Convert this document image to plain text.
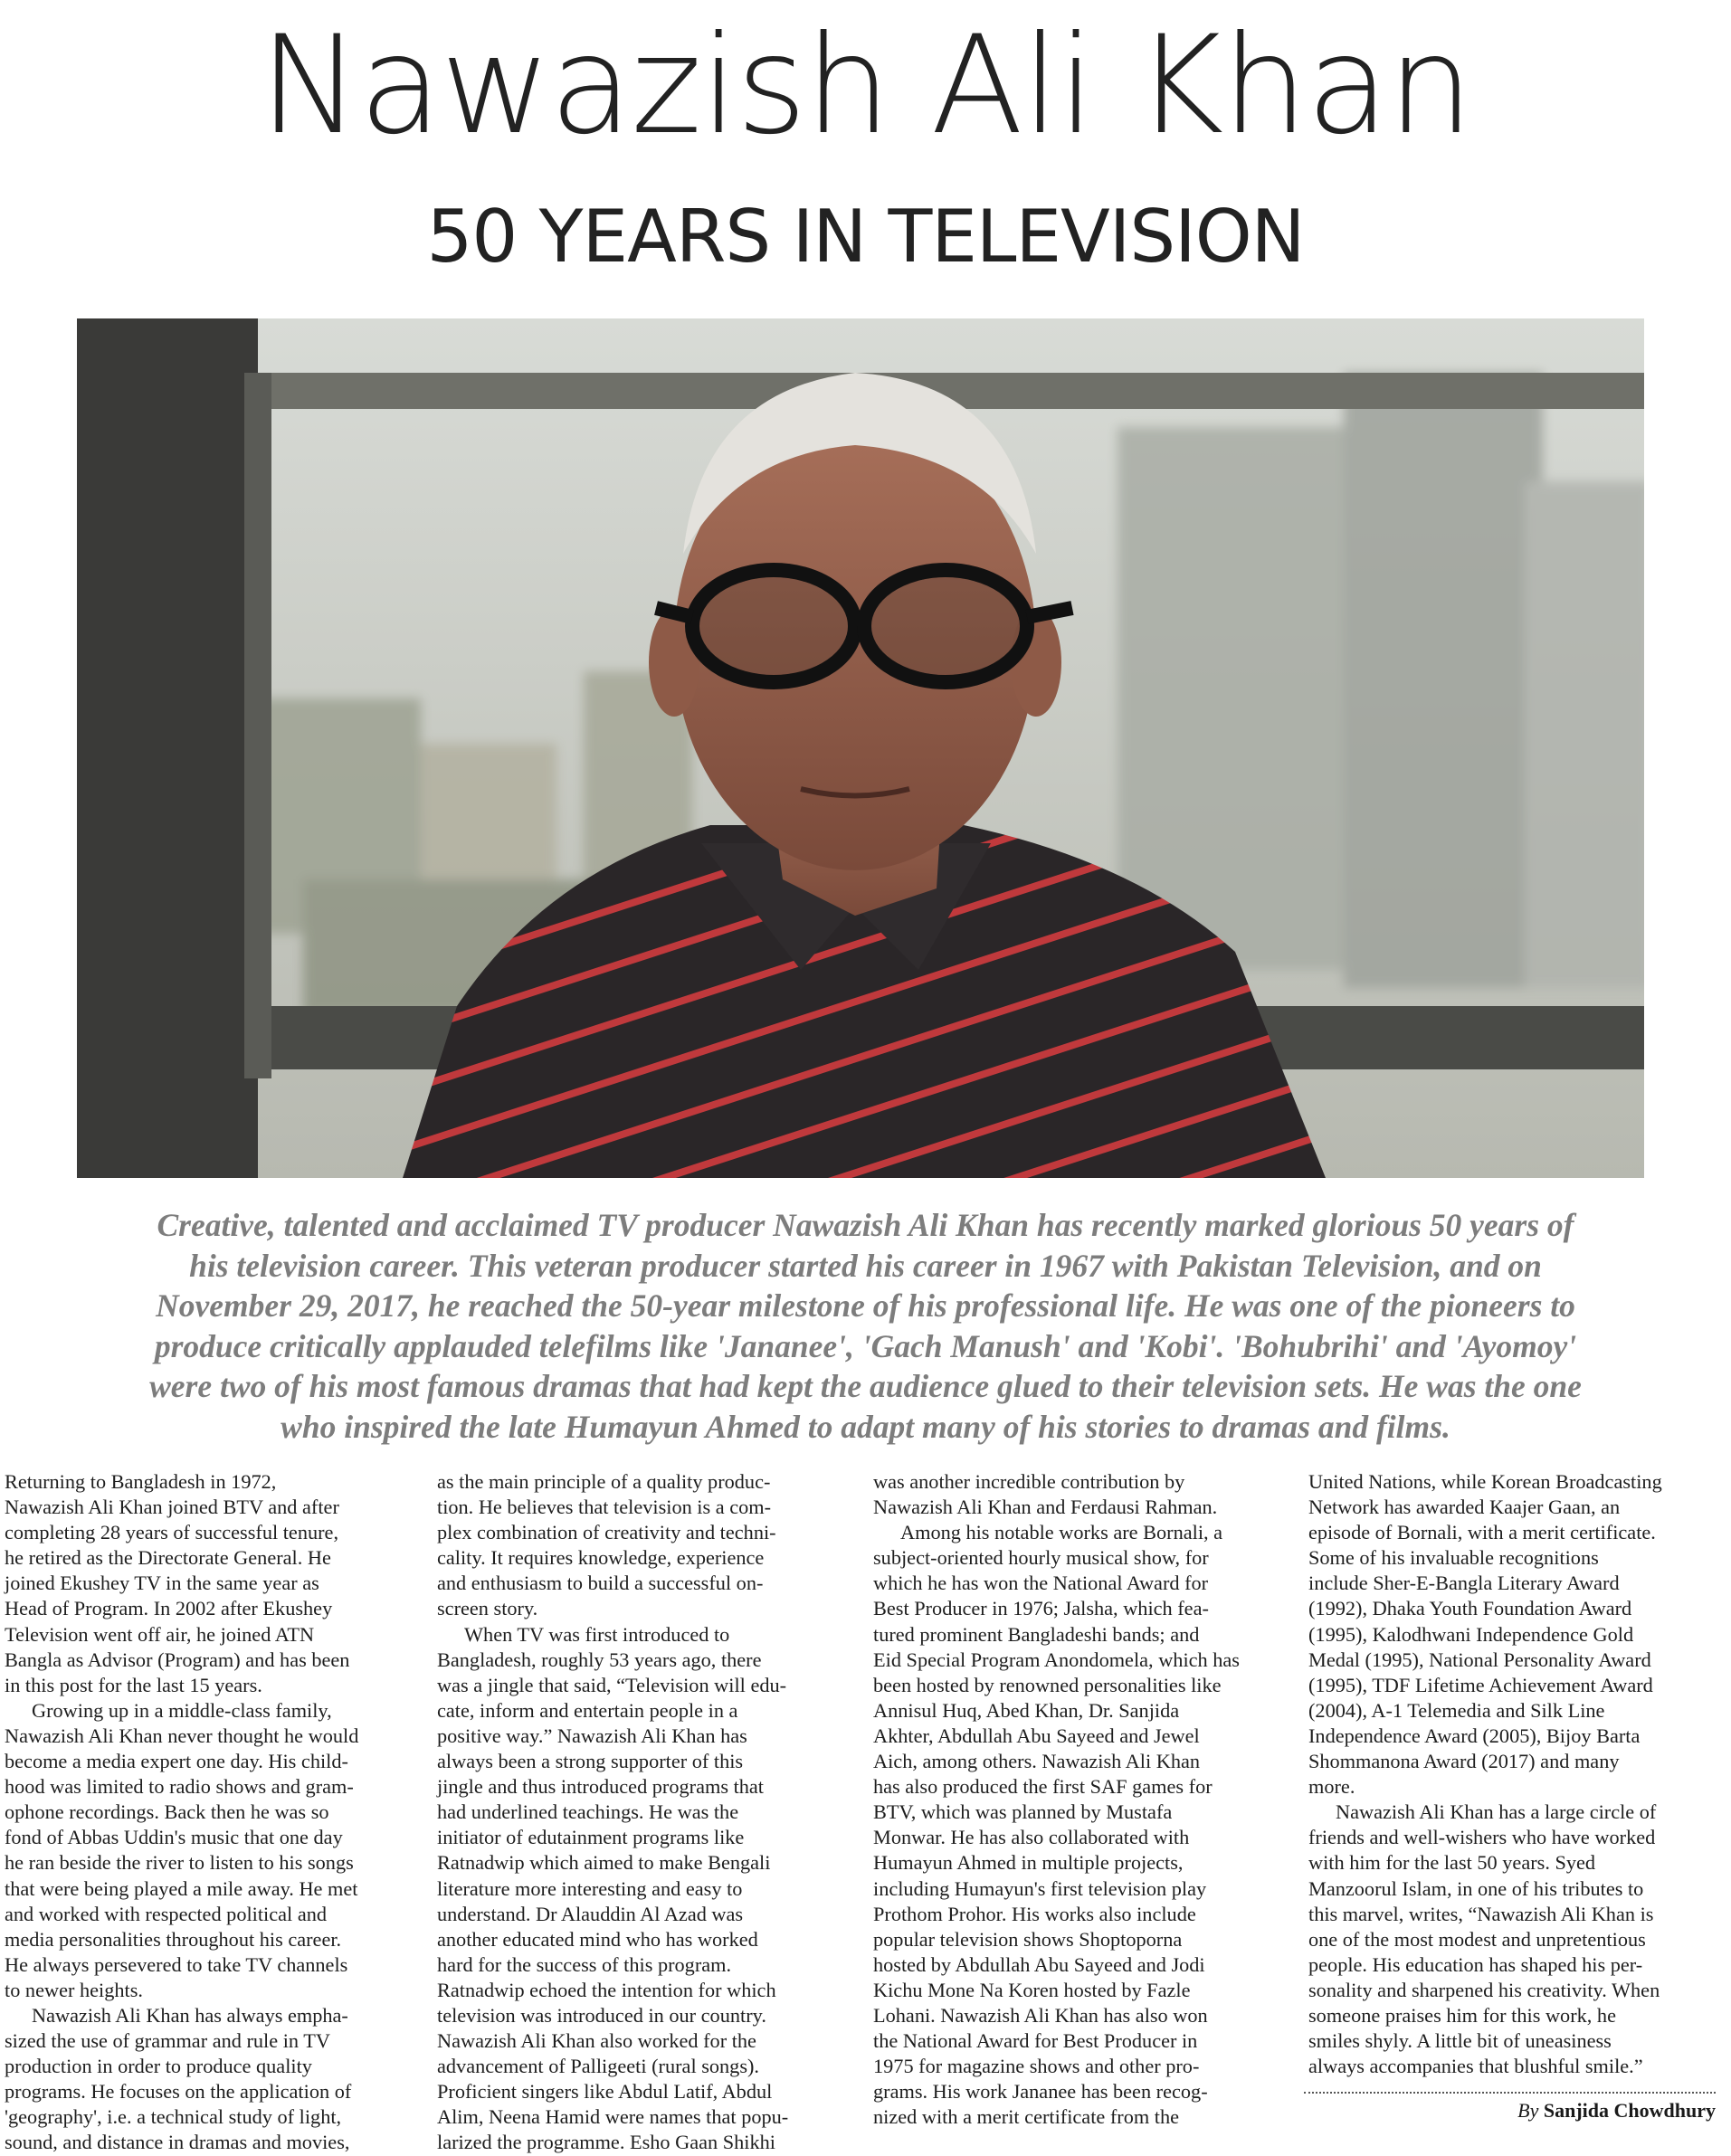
Nawazish Ali Khan
50 YEARS IN TELEVISION
Creative, talented and acclaimed TV producer Nawazish Ali Khan has recently marked glorious 50 years of
his television career. This veteran producer started his career in 1967 with Pakistan Television, and on
November 29, 2017, he reached the 50-year milestone of his professional life. He was one of the pioneers to
produce critically applauded telefilms like 'Jananee', 'Gach Manush' and 'Kobi'. 'Bohubrihi' and 'Ayomoy'
were two of his most famous dramas that had kept the audience glued to their television sets. He was the one
who inspired the late Humayun Ahmed to adapt many of his stories to dramas and films.
Returning to Bangladesh in 1972,
Nawazish Ali Khan joined BTV and after
completing 28 years of successful tenure,
he retired as the Directorate General. He
joined Ekushey TV in the same year as
Head of Program. In 2002 after Ekushey
Television went off air, he joined ATN
Bangla as Advisor (Program) and has been
in this post for the last 15 years.
Growing up in a middle-class family,
Nawazish Ali Khan never thought he would
become a media expert one day. His child-
hood was limited to radio shows and gram-
ophone recordings. Back then he was so
fond of Abbas Uddin's music that one day
he ran beside the river to listen to his songs
that were being played a mile away. He met
and worked with respected political and
media personalities throughout his career.
He always persevered to take TV channels
to newer heights.
Nawazish Ali Khan has always empha-
sized the use of grammar and rule in TV
production in order to produce quality
programs. He focuses on the application of
'geography', i.e. a technical study of light,
sound, and distance in dramas and movies,
as the main principle of a quality produc-
tion. He believes that television is a com-
plex combination of creativity and techni-
cality. It requires knowledge, experience
and enthusiasm to build a successful on-
screen story.
When TV was first introduced to
Bangladesh, roughly 53 years ago, there
was a jingle that said, “Television will edu-
cate, inform and entertain people in a
positive way.” Nawazish Ali Khan has
always been a strong supporter of this
jingle and thus introduced programs that
had underlined teachings. He was the
initiator of edutainment programs like
Ratnadwip which aimed to make Bengali
literature more interesting and easy to
understand. Dr Alauddin Al Azad was
another educated mind who has worked
hard for the success of this program.
Ratnadwip echoed the intention for which
television was introduced in our country.
Nawazish Ali Khan also worked for the
advancement of Palligeeti (rural songs).
Proficient singers like Abdul Latif, Abdul
Alim, Neena Hamid were names that popu-
larized the programme. Esho Gaan Shikhi
was another incredible contribution by
Nawazish Ali Khan and Ferdausi Rahman.
Among his notable works are Bornali, a
subject-oriented hourly musical show, for
which he has won the National Award for
Best Producer in 1976; Jalsha, which fea-
tured prominent Bangladeshi bands; and
Eid Special Program Anondomela, which has
been hosted by renowned personalities like
Annisul Huq, Abed Khan, Dr. Sanjida
Akhter, Abdullah Abu Sayeed and Jewel
Aich, among others. Nawazish Ali Khan
has also produced the first SAF games for
BTV, which was planned by Mustafa
Monwar. He has also collaborated with
Humayun Ahmed in multiple projects,
including Humayun's first television play
Prothom Prohor. His works also include
popular television shows Shoptoporna
hosted by Abdullah Abu Sayeed and Jodi
Kichu Mone Na Koren hosted by Fazle
Lohani. Nawazish Ali Khan has also won
the National Award for Best Producer in
1975 for magazine shows and other pro-
grams. His work Jananee has been recog-
nized with a merit certificate from the
United Nations, while Korean Broadcasting
Network has awarded Kaajer Gaan, an
episode of Bornali, with a merit certificate.
Some of his invaluable recognitions
include Sher-E-Bangla Literary Award
(1992), Dhaka Youth Foundation Award
(1995), Kalodhwani Independence Gold
Medal (1995), National Personality Award
(1995), TDF Lifetime Achievement Award
(2004), A-1 Telemedia and Silk Line
Independence Award (2005), Bijoy Barta
Shommanona Award (2017) and many
more.
Nawazish Ali Khan has a large circle of
friends and well-wishers who have worked
with him for the last 50 years. Syed
Manzoorul Islam, in one of his tributes to
this marvel, writes, “Nawazish Ali Khan is
one of the most modest and unpretentious
people. His education has shaped his per-
sonality and sharpened his creativity. When
someone praises him for this work, he
smiles shyly. A little bit of uneasiness
always accompanies that blushful smile.”
By Sanjida Chowdhury
